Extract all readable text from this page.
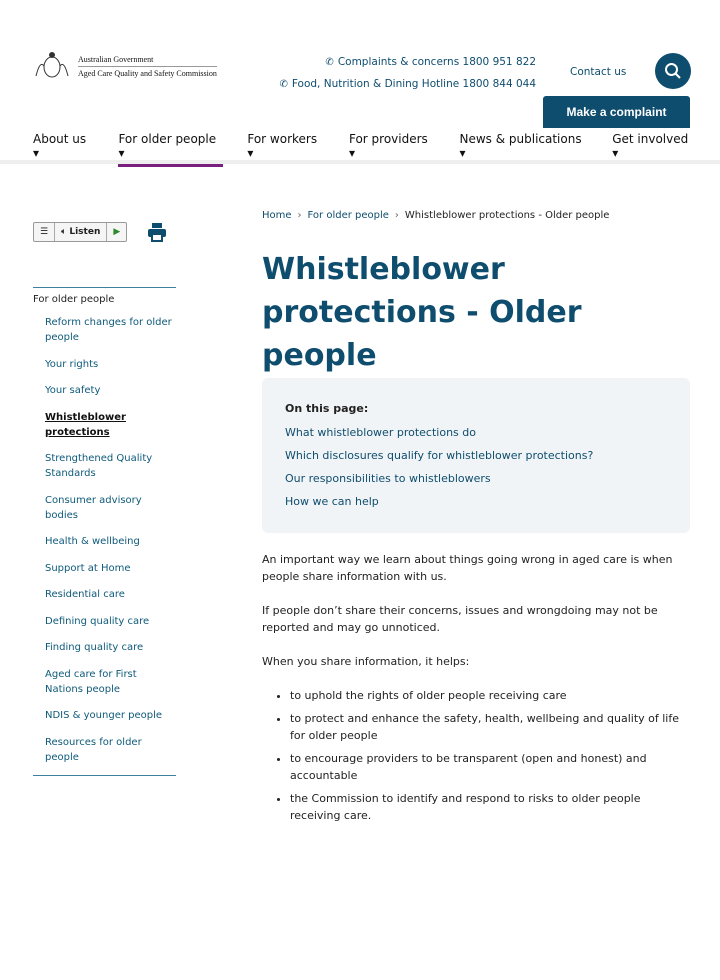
Australian Government
Aged Care Quality and Safety Commission
✆ Complaints & concerns 1800 951 822
✆ Food, Nutrition & Dining Hotline 1800 844 044
Contact us
Make a complaint
About us ▾
For older people ▾
For workers ▾
For providers ▾
News & publications ▾
Get involved ▾
☰	🔈︎
Listen	▶
For older people
Reform changes for older people
Your rights
Your safety
Whistleblower protections
Strengthened Quality Standards
Consumer advisory bodies
Health & wellbeing
Support at Home
Residential care
Defining quality care
Finding quality care
Aged care for First Nations people
NDIS & younger people
Resources for older people
Home › For older people › Whistleblower protections - Older people
Whistleblower protections - Older people
On this page:
What whistleblower protections do
Which disclosures qualify for whistleblower protections?
Our responsibilities to whistleblowers
How we can help

An important way we learn about things going wrong in aged care is when people share information with us.

If people don’t share their concerns, issues and wrongdoing may not be reported and may go unnoticed.

When you share information, it helps:

• to uphold the rights of older people receiving care
• to protect and enhance the safety, health, wellbeing and quality of life for older people
• to encourage providers to be transparent (open and honest) and accountable
• the Commission to identify and respond to risks to older people receiving care.
